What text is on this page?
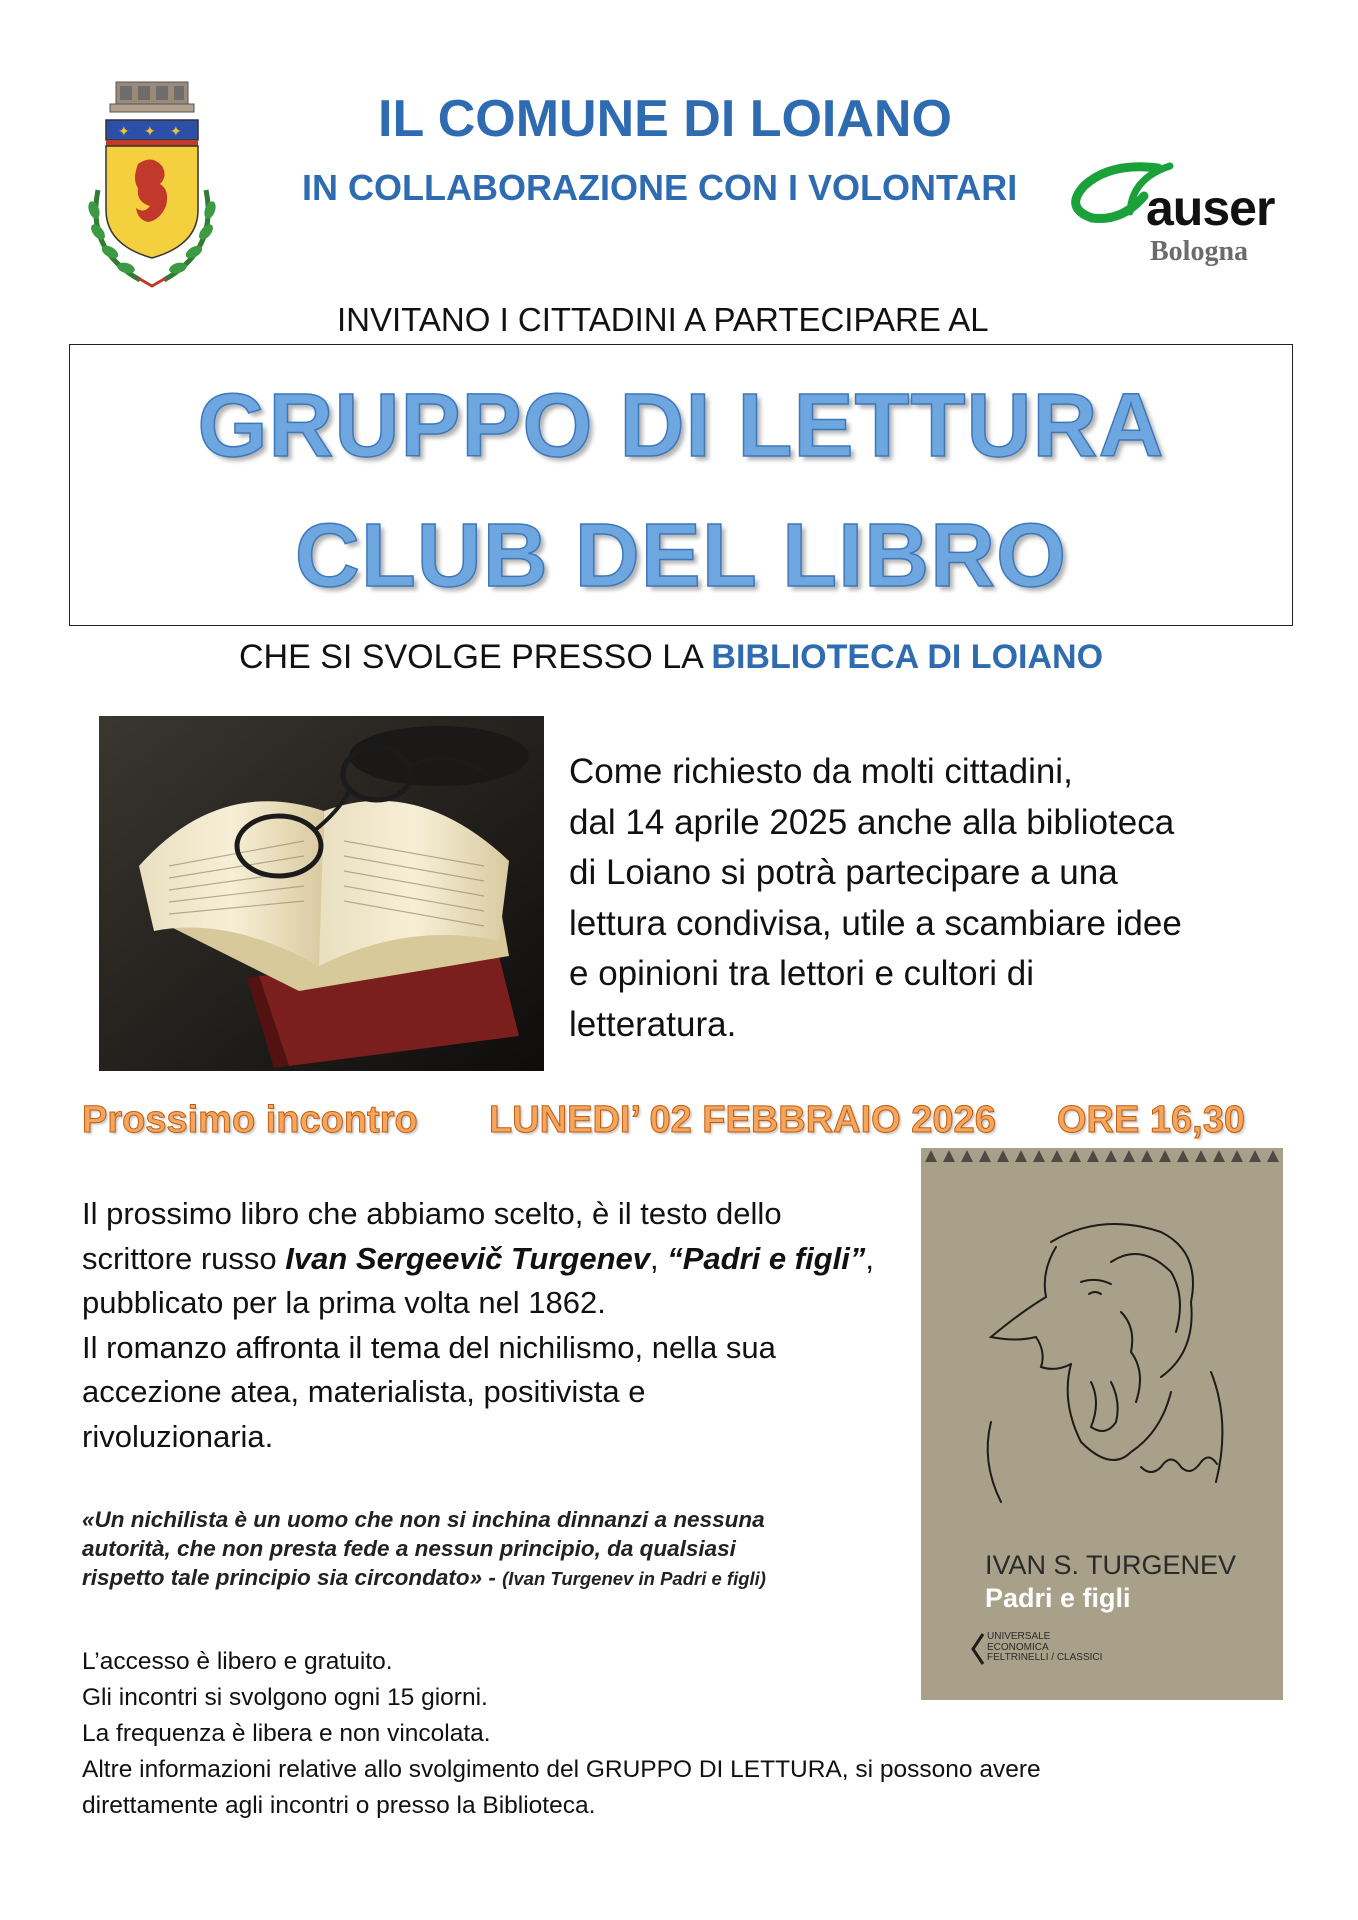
✦ ✦ ✦	IL COMUNE DI LOIANO
IN COLLABORAZIONE CON I VOLONTARI	auser
Bologna
INVITANO I CITTADINI A PARTECIPARE AL
GRUPPO DI LETTURA
CLUB DEL LIBRO
CHE SI SVOLGE PRESSO LA BIBLIOTECA DI LOIANO
Come richiesto da molti cittadini,
dal 14 aprile 2025 anche alla biblioteca
di Loiano si potrà partecipare a una
lettura condivisa, utile a scambiare idee
e opinioni tra lettori e cultori di
letteratura.
Prossimo incontro LUNEDI’ 02 FEBBRAIO 2026 ORE 16,30
IVAN S. TURGENEV
Padri e figli
UNIVERSALE
ECONOMICA
FELTRINELLI / CLASSICI
Il prossimo libro che abbiamo scelto, è il testo dello
scrittore russo Ivan Sergeevič Turgenev, “Padri e figli”,
pubblicato per la prima volta nel 1862.
Il romanzo affronta il tema del nichilismo, nella sua
accezione atea, materialista, positivista e
rivoluzionaria.
«Un nichilista è un uomo che non si inchina dinnanzi a nessuna
autorità, che non presta fede a nessun principio, da qualsiasi
rispetto tale principio sia circondato» - (Ivan Turgenev in Padri e figli)
L’accesso è libero e gratuito.
Gli incontri si svolgono ogni 15 giorni.
La frequenza è libera e non vincolata.
Altre informazioni relative allo svolgimento del GRUPPO DI LETTURA, si possono avere
direttamente agli incontri o presso la Biblioteca.
